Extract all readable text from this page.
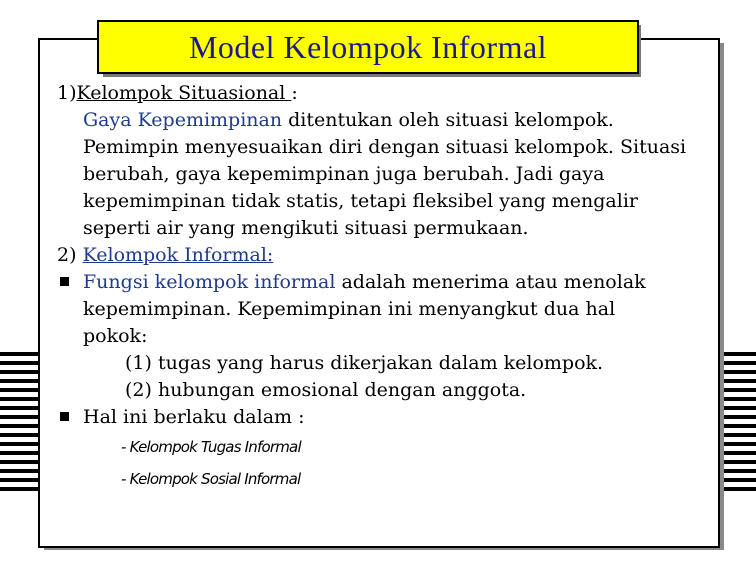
Model Kelompok Informal
1)Kelompok Situasional :
Gaya Kepemimpinan ditentukan oleh situasi kelompok.
Pemimpin menyesuaikan diri dengan situasi kelompok. Situasi
berubah, gaya kepemimpinan juga berubah. Jadi gaya
kepemimpinan tidak statis, tetapi fleksibel yang mengalir
seperti air yang mengikuti situasi permukaan.
2) Kelompok Informal:
Fungsi kelompok informal adalah menerima atau menolak
kepemimpinan. Kepemimpinan ini menyangkut dua hal
pokok:
(1) tugas yang harus dikerjakan dalam kelompok.
(2) hubungan emosional dengan anggota.
Hal ini berlaku dalam :
- Kelompok Tugas Informal
- Kelompok Sosial Informal
